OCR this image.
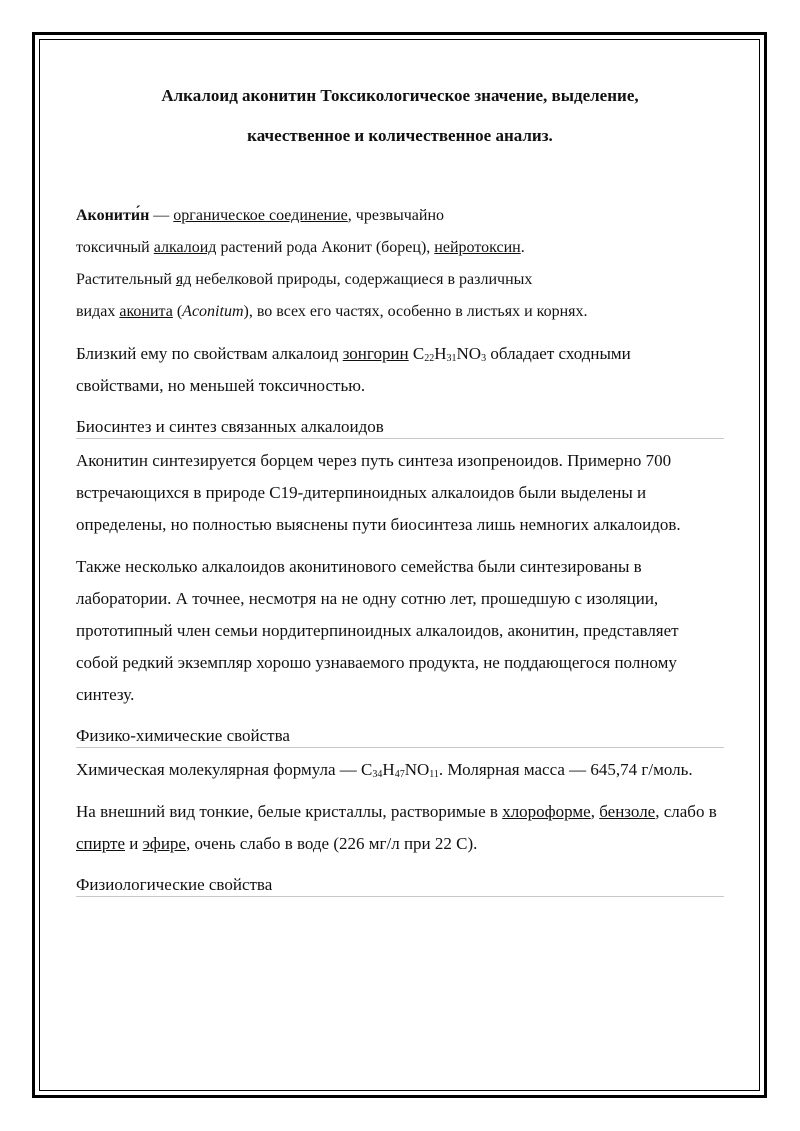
Алкалоид аконитин Токсикологическое значение, выделение,

качественное и количественное анализ.

Аконити́н — органическое соединение, чрезвычайно
токсичный алкалоид растений рода Аконит (борец), нейротоксин.
Растительный яд небелковой природы, содержащиеся в различных
видах аконита (Aconitum), во всех его частях, особенно в листьях и корнях.

Близкий ему по свойствам алкалоид зонгорин $C_{22}H_{31}NO_3$ обладает сходными
свойствами, но меньшей токсичностью.

Биосинтез и синтез связанных алкалоидов

Аконитин синтезируется борцем через путь синтеза изопреноидов. Примерно 700 встречающихся в природе C19-дитерпиноидных алкалоидов были выделены и определены, но полностью выяснены пути биосинтеза лишь немногих алкалоидов.

Также несколько алкалоидов аконитинового семейства были синтезированы в лаборатории. А точнее, несмотря на не одну сотню лет, прошедшую с изоляции, прототипный член семьи нордитерпиноидных алкалоидов, аконитин, представляет собой редкий экземпляр хорошо узнаваемого продукта, не поддающегося полному синтезу.

Физико-химические свойства

Химическая молекулярная формула — $C_{34}H_{47}NO_{11}$. Молярная масса — 645,74 г/моль.

На внешний вид тонкие, белые кристаллы, растворимые в хлороформе, бензоле, слабо в спирте и эфире, очень слабо в воде (226 мг/л при 22 С).

Физиологические свойства
